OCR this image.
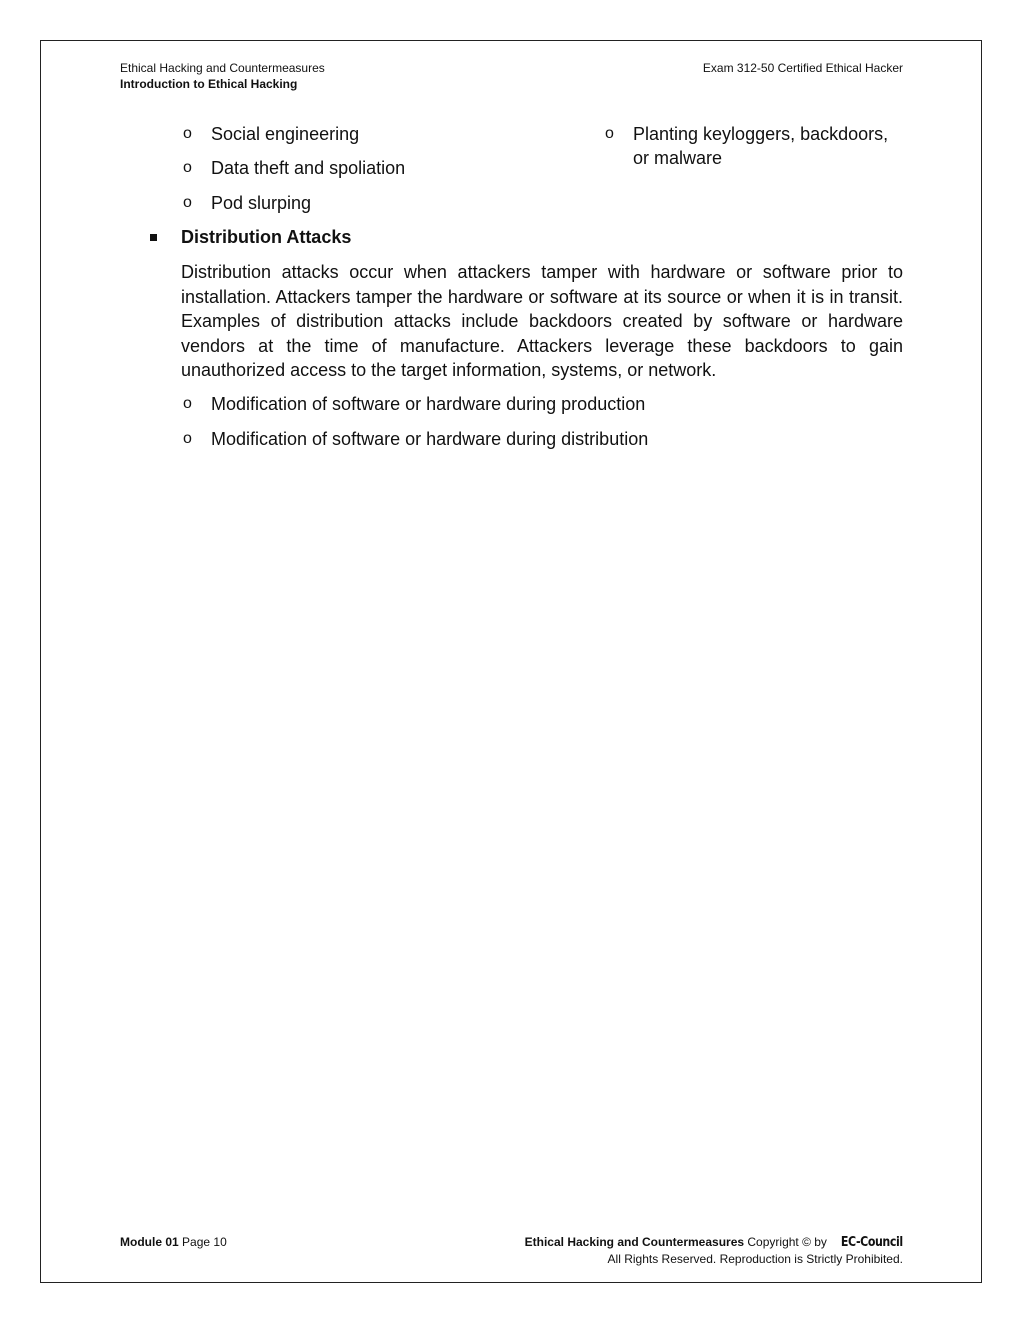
Ethical Hacking and Countermeasures
Introduction to Ethical Hacking
Exam 312-50 Certified Ethical Hacker
o Social engineering
o Data theft and spoliation
o Pod slurping
o Planting keyloggers, backdoors, or malware
Distribution Attacks
Distribution attacks occur when attackers tamper with hardware or software prior to installation. Attackers tamper the hardware or software at its source or when it is in transit. Examples of distribution attacks include backdoors created by software or hardware vendors at the time of manufacture. Attackers leverage these backdoors to gain unauthorized access to the target information, systems, or network.
o Modification of software or hardware during production
o Modification of software or hardware during distribution
Module 01 Page 10	Ethical Hacking and Countermeasures Copyright © by EC-Council
All Rights Reserved. Reproduction is Strictly Prohibited.
